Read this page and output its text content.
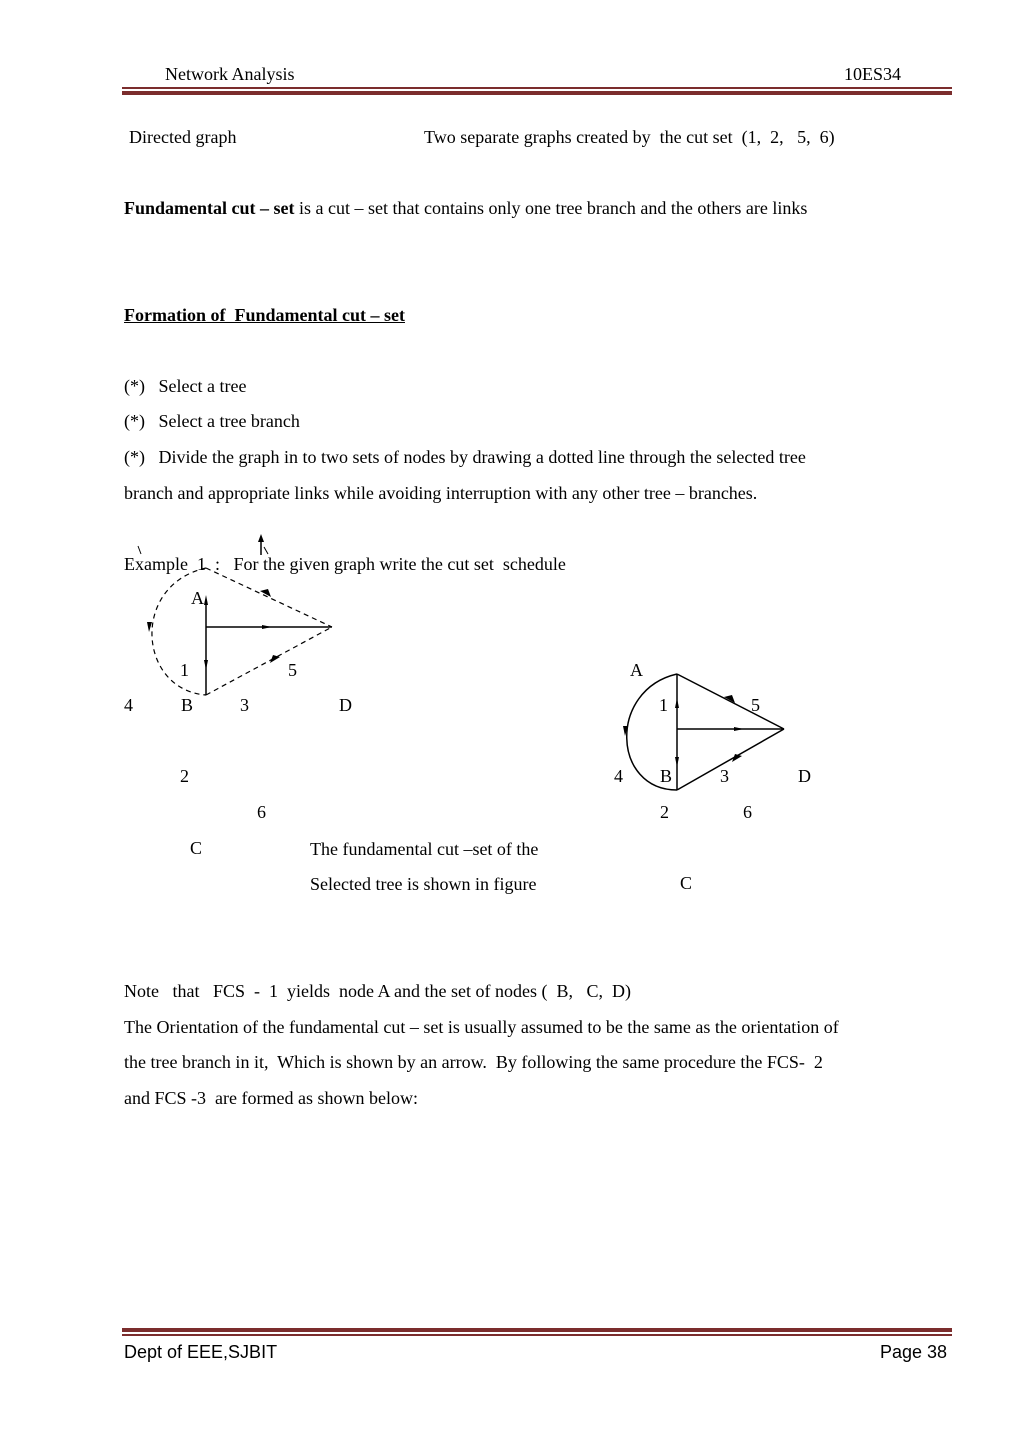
Network Analysis	10ES34
Directed graph	Two separate graphs created by  the cut set  (1,  2,   5,  6)
Fundamental cut – set is a cut – set that contains only one tree branch and the others are links
Formation of  Fundamental cut – set
(*)   Select a tree
(*)   Select a tree branch
(*)   Divide the graph in to two sets of nodes by drawing a dotted line through the selected tree
branch and appropriate links while avoiding interruption with any other tree – branches.
Example  1  :   For the given graph write the cut set  schedule
A
1	5
4	B	3	D
2
6
C
A
1	5
4 B	3	D
2	6
C
The fundamental cut –set of the
Selected tree is shown in figure
Note   that   FCS  -  1  yields  node A and the set of nodes (  B,   C,  D)
The Orientation of the fundamental cut – set is usually assumed to be the same as the orientation of
the tree branch in it,  Which is shown by an arrow.  By following the same procedure the FCS-  2
and FCS -3  are formed as shown below:
Dept of EEE,SJBIT	Page 38
